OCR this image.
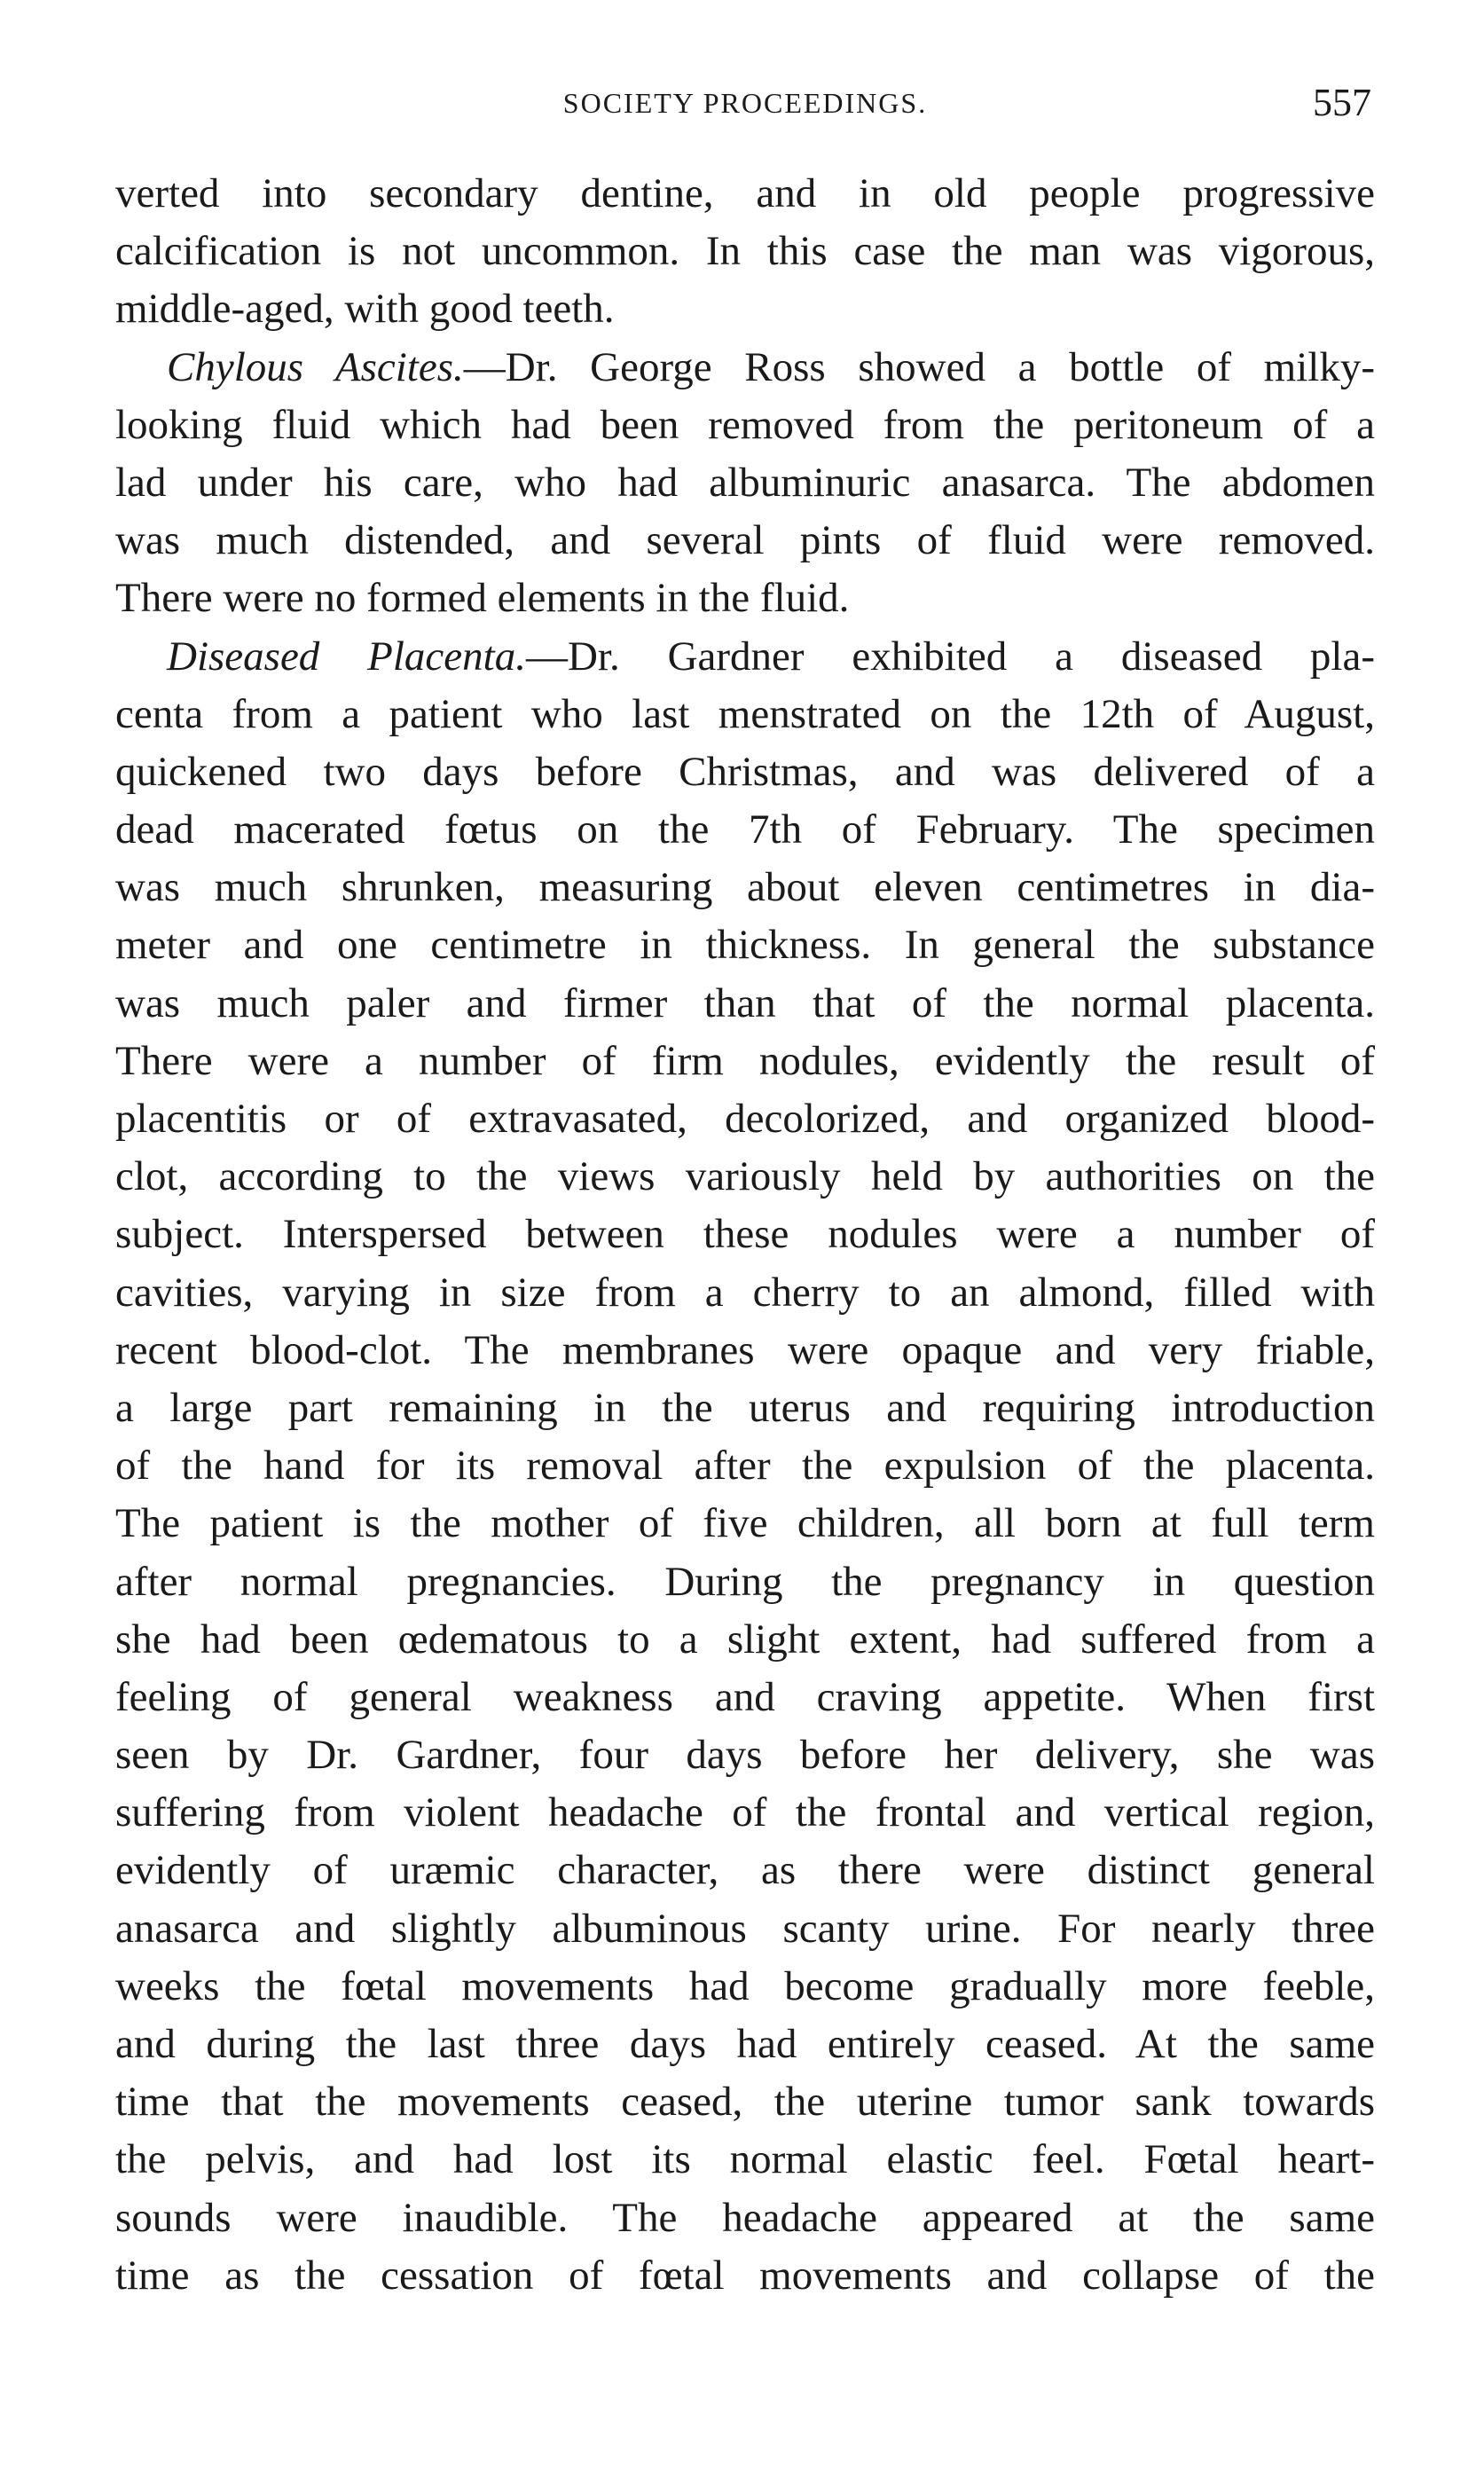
SOCIETY PROCEEDINGS.	557
verted into secondary dentine, and in old people progressive
calcification is not uncommon. In this case the man was vigorous,
middle-aged, with good teeth.
Chylous Ascites.—Dr. George Ross showed a bottle of milky-
looking fluid which had been removed from the peritoneum of a
lad under his care, who had albuminuric anasarca. The abdomen
was much distended, and several pints of fluid were removed.
There were no formed elements in the fluid.
Diseased Placenta.—Dr. Gardner exhibited a diseased pla-
centa from a patient who last menstrated on the 12th of August,
quickened two days before Christmas, and was delivered of a
dead macerated fœtus on the 7th of February. The specimen
was much shrunken, measuring about eleven centimetres in dia-
meter and one centimetre in thickness. In general the substance
was much paler and firmer than that of the normal placenta.
There were a number of firm nodules, evidently the result of
placentitis or of extravasated, decolorized, and organized blood-
clot, according to the views variously held by authorities on the
subject. Interspersed between these nodules were a number of
cavities, varying in size from a cherry to an almond, filled with
recent blood-clot. The membranes were opaque and very friable,
a large part remaining in the uterus and requiring introduction
of the hand for its removal after the expulsion of the placenta.
The patient is the mother of five children, all born at full term
after normal pregnancies. During the pregnancy in question
she had been œdematous to a slight extent, had suffered from a
feeling of general weakness and craving appetite. When first
seen by Dr. Gardner, four days before her delivery, she was
suffering from violent headache of the frontal and vertical region,
evidently of uræmic character, as there were distinct general
anasarca and slightly albuminous scanty urine. For nearly three
weeks the fœtal movements had become gradually more feeble,
and during the last three days had entirely ceased. At the same
time that the movements ceased, the uterine tumor sank towards
the pelvis, and had lost its normal elastic feel. Fœtal heart-
sounds were inaudible. The headache appeared at the same
time as the cessation of fœtal movements and collapse of the
